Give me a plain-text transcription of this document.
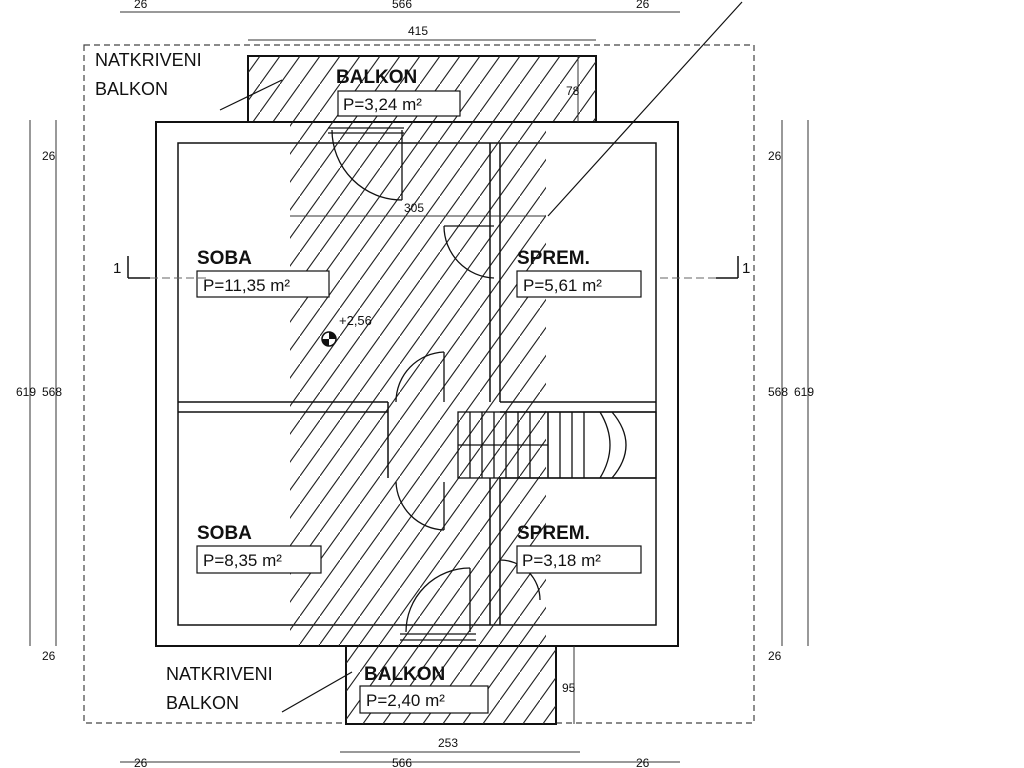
BALKON
P=3,24 m²
SOBA
P=11,35 m²
SPREM.
P=5,61 m²
SOBA
P=8,35 m²
SPREM.
P=3,18 m²
BALKON
P=2,40 m²
NATKRIVENI
BALKON
NATKRIVENI
BALKON
+2,56
1	1
26	566	26
415
78
305
95
253
26	566	26
619
26
568
26
26
568 619
26
